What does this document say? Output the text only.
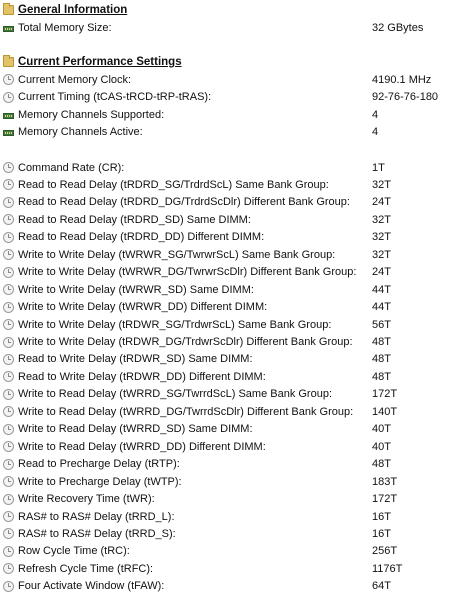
General Information
Total Memory Size:	32 GBytes
Current Performance Settings
Current Memory Clock:	4190.1 MHz
Current Timing (tCAS-tRCD-tRP-tRAS):	92-76-76-180
Memory Channels Supported:	4
Memory Channels Active:	4
Command Rate (CR):	1T
Read to Read Delay (tRDRD_SG/TrdrdScL) Same Bank Group:	32T
Read to Read Delay (tRDRD_DG/TrdrdScDlr) Different Bank Group: 24T
Read to Read Delay (tRDRD_SD) Same DIMM:	32T
Read to Read Delay (tRDRD_DD) Different DIMM:	32T
Write to Write Delay (tWRWR_SG/TwrwrScL) Same Bank Group:	32T
Write to Write Delay (tWRWR_DG/TwrwrScDlr) Different Bank Group: 24T
Write to Write Delay (tWRWR_SD) Same DIMM:	44T
Write to Write Delay (tWRWR_DD) Different DIMM:	44T
Write to Write Delay (tRDWR_SG/TrdwrScL) Same Bank Group:	56T
Write to Write Delay (tRDWR_DG/TrdwrScDlr) Different Bank Group: 48T
Read to Write Delay (tRDWR_SD) Same DIMM:	48T
Read to Write Delay (tRDWR_DD) Different DIMM:	48T
Write to Read Delay (tWRRD_SG/TwrrdScL) Same Bank Group:	172T
Write to Read Delay (tWRRD_DG/TwrrdScDlr) Different Bank Group: 140T
Write to Read Delay (tWRRD_SD) Same DIMM:	40T
Write to Read Delay (tWRRD_DD) Different DIMM:	40T
Read to Precharge Delay (tRTP):	48T
Write to Precharge Delay (tWTP):	183T
Write Recovery Time (tWR):	172T
RAS# to RAS# Delay (tRRD_L):	16T
RAS# to RAS# Delay (tRRD_S):	16T
Row Cycle Time (tRC):	256T
Refresh Cycle Time (tRFC):	1176T
Four Activate Window (tFAW):	64T
